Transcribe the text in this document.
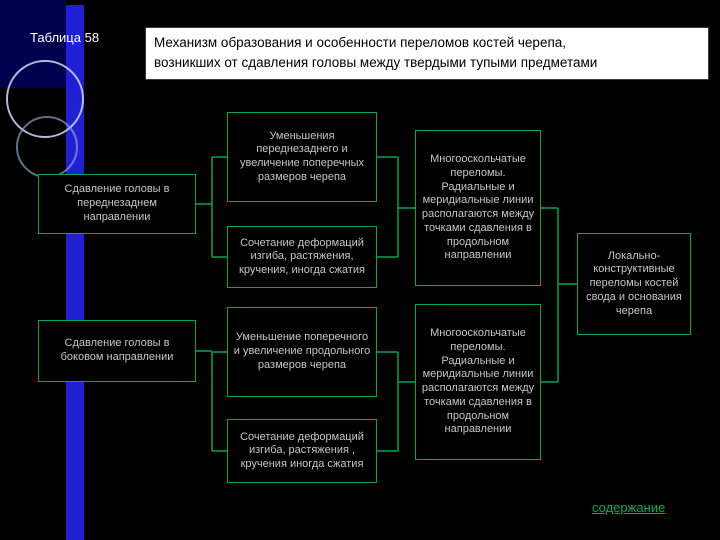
Таблица 58	Механизм образования и особенности переломов костей черепа,
возникших от сдавления головы между твердыми тупыми предметами
Сдавление головы в переднезаднем направлении
Сдавление головы в боковом направлении
Уменьшения переднезаднего и увеличение поперечных размеров черепа
Сочетание деформаций изгиба, растяжения, кручения, иногда сжатия
Уменьшение поперечного и увеличение продольного размеров черепа
Сочетание деформаций изгиба, растяжения , кручения иногда сжатия
Многооскольчатые переломы. Радиальные и меридиальные линии располагаются между точками сдавления в продольном направлении
Многооскольчатые переломы. Радиальные и меридиальные линии располагаются между точками сдавления в продольном направлении
Локально-конструктивные переломы костей свода и основания черепа
содержание
